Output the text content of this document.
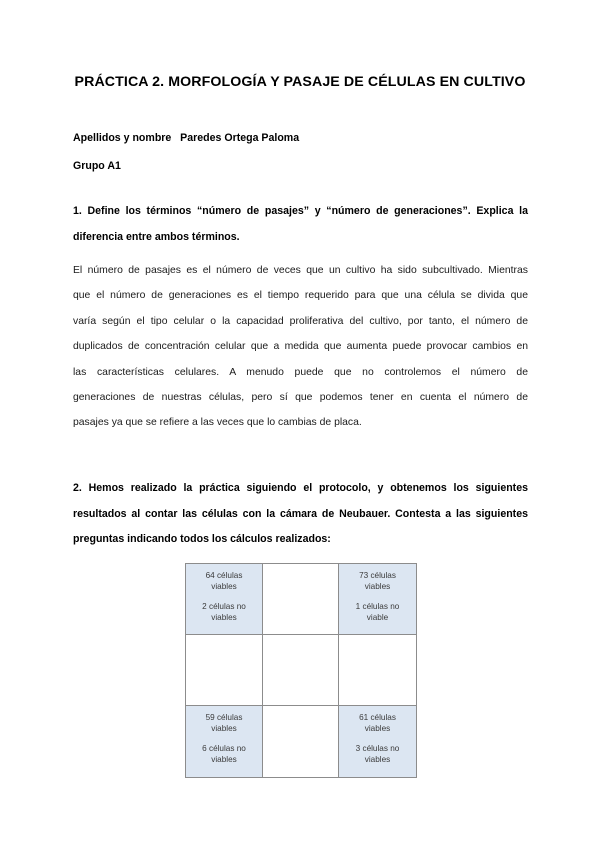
PRÁCTICA 2. MORFOLOGÍA Y PASAJE DE CÉLULAS EN CULTIVO
Apellidos y nombre Paredes Ortega Paloma
Grupo A1
1. Define los términos “número de pasajes” y “número de generaciones”. Explica la
diferencia entre ambos términos.
El número de pasajes es el número de veces que un cultivo ha sido subcultivado. Mientras
que el número de generaciones es el tiempo requerido para que una célula se divida que
varía según el tipo celular o la capacidad proliferativa del cultivo, por tanto, el número de
duplicados de concentración celular que a medida que aumenta puede provocar cambios en
las características celulares. A menudo puede que no controlemos el número de
generaciones de nuestras células, pero sí que podemos tener en cuenta el número de
pasajes ya que se refiere a las veces que lo cambias de placa.
2. Hemos realizado la práctica siguiendo el protocolo, y obtenemos los siguientes
resultados al contar las células con la cámara de Neubauer. Contesta a las siguientes
preguntas indicando todos los cálculos realizados:
64 células
viables
2 células no
viables
73 células
viables
1 células no
viable
59 células
viables
6 células no
viables
61 células
viables
3 células no
viables
